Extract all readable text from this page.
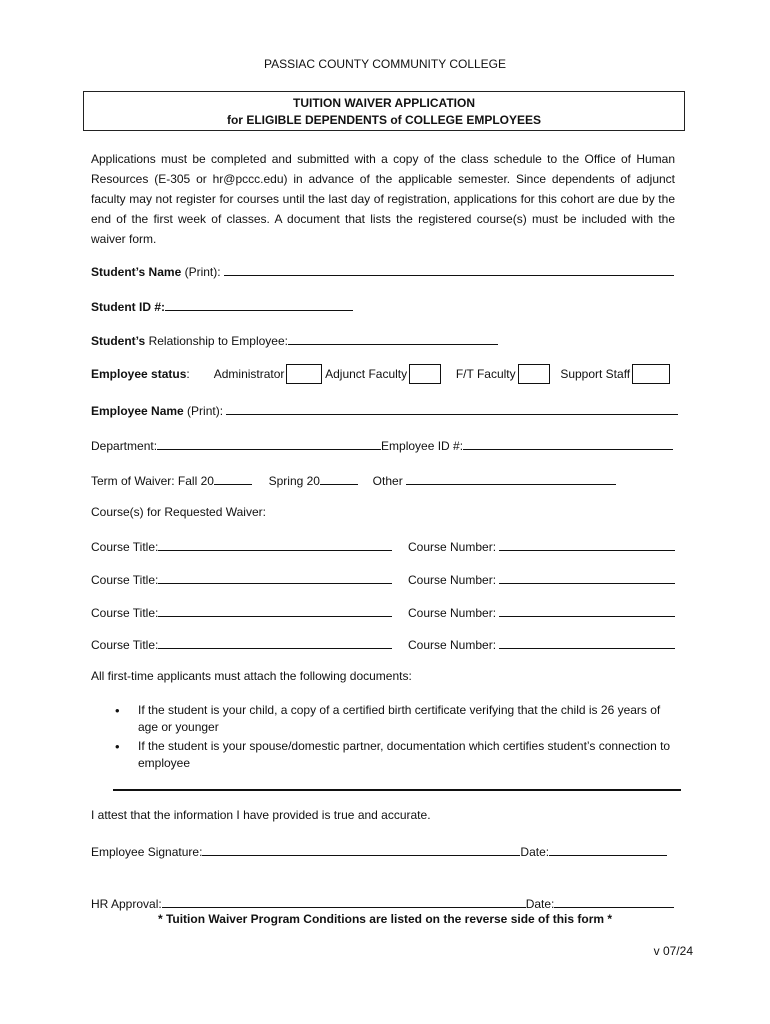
PASSIAC COUNTY COMMUNITY COLLEGE
TUITION WAIVER APPLICATION
for ELIGIBLE DEPENDENTS of COLLEGE EMPLOYEES

Applications must be completed and submitted with a copy of the class schedule to the Office of Human Resources (E-305 or hr@pccc.edu) in advance of the applicable semester. Since dependents of adjunct faculty may not register for courses until the last day of registration, applications for this cohort are due by the end of the first week of classes. A document that lists the registered course(s) must be included with the waiver form.

Student’s Name (Print):
Student ID #:
Student’s Relationship to Employee:
Employee status: Administrator	Adjunct Faculty	F/T Faculty	Support Staff
Employee Name (Print):
Department:	Employee ID #:
Term of Waiver: Fall 20	Spring 20	Other
Course(s) for Requested Waiver:
Course Title:	Course Number:
Course Title:	Course Number:
Course Title:	Course Number:
Course Title:	Course Number:
All first-time applicants must attach the following documents:
• If the student is your child, a copy of a certified birth certificate verifying that the child is 26 years of age or younger
• If the student is your spouse/domestic partner, documentation which certifies student’s connection to employee
I attest that the information I have provided is true and accurate.
Employee Signature:	Date:
HR Approval:	Date:
* Tuition Waiver Program Conditions are listed on the reverse side of this form *
v 07/24
